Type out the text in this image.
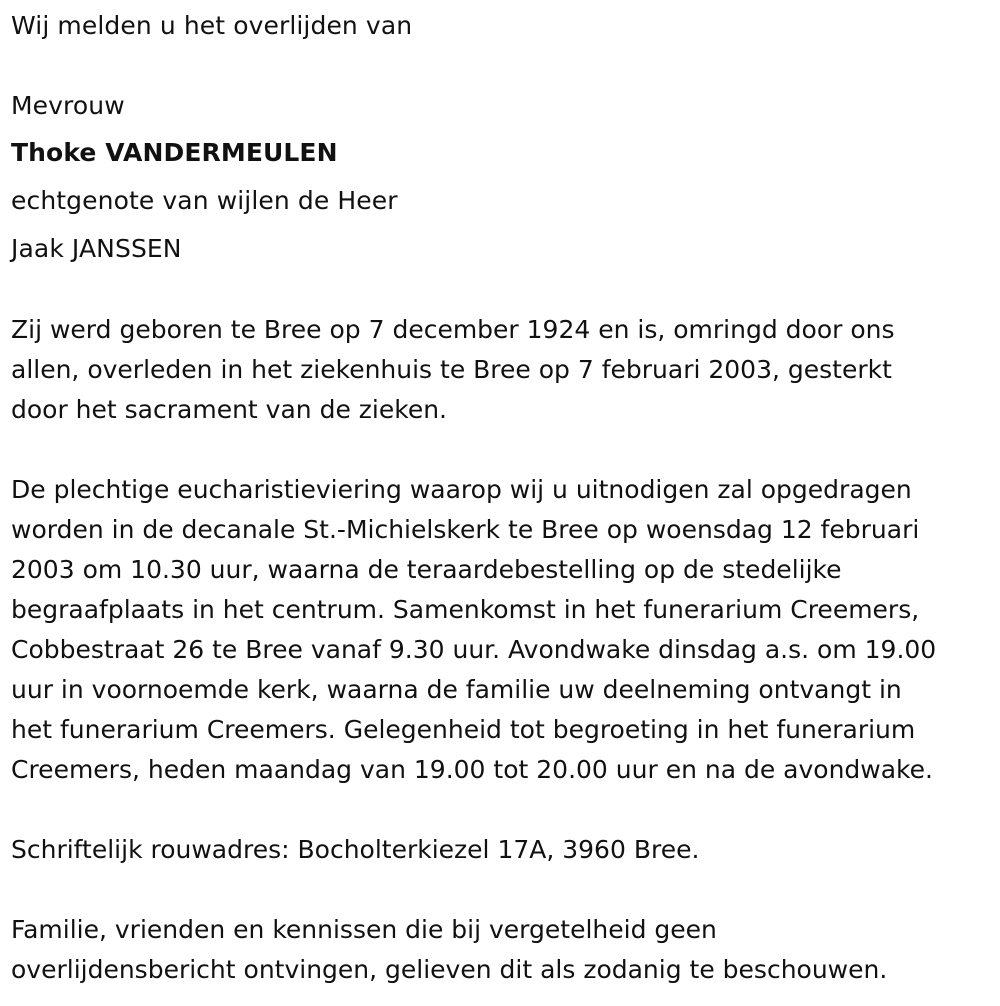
Wij melden u het overlijden van
Mevrouw
Thoke VANDERMEULEN
echtgenote van wijlen de Heer
Jaak JANSSEN
Zij werd geboren te Bree op 7 december 1924 en is, omringd door ons
allen, overleden in het ziekenhuis te Bree op 7 februari 2003, gesterkt
door het sacrament van de zieken.
De plechtige eucharistieviering waarop wij u uitnodigen zal opgedragen
worden in de decanale St.-Michielskerk te Bree op woensdag 12 februari
2003 om 10.30 uur, waarna de teraardebestelling op de stedelijke
begraafplaats in het centrum. Samenkomst in het funerarium Creemers,
Cobbestraat 26 te Bree vanaf 9.30 uur. Avondwake dinsdag a.s. om 19.00
uur in voornoemde kerk, waarna de familie uw deelneming ontvangt in
het funerarium Creemers. Gelegenheid tot begroeting in het funerarium
Creemers, heden maandag van 19.00 tot 20.00 uur en na de avondwake.
Schriftelijk rouwadres: Bocholterkiezel 17A, 3960 Bree.
Familie, vrienden en kennissen die bij vergetelheid geen
overlijdensbericht ontvingen, gelieven dit als zodanig te beschouwen.
